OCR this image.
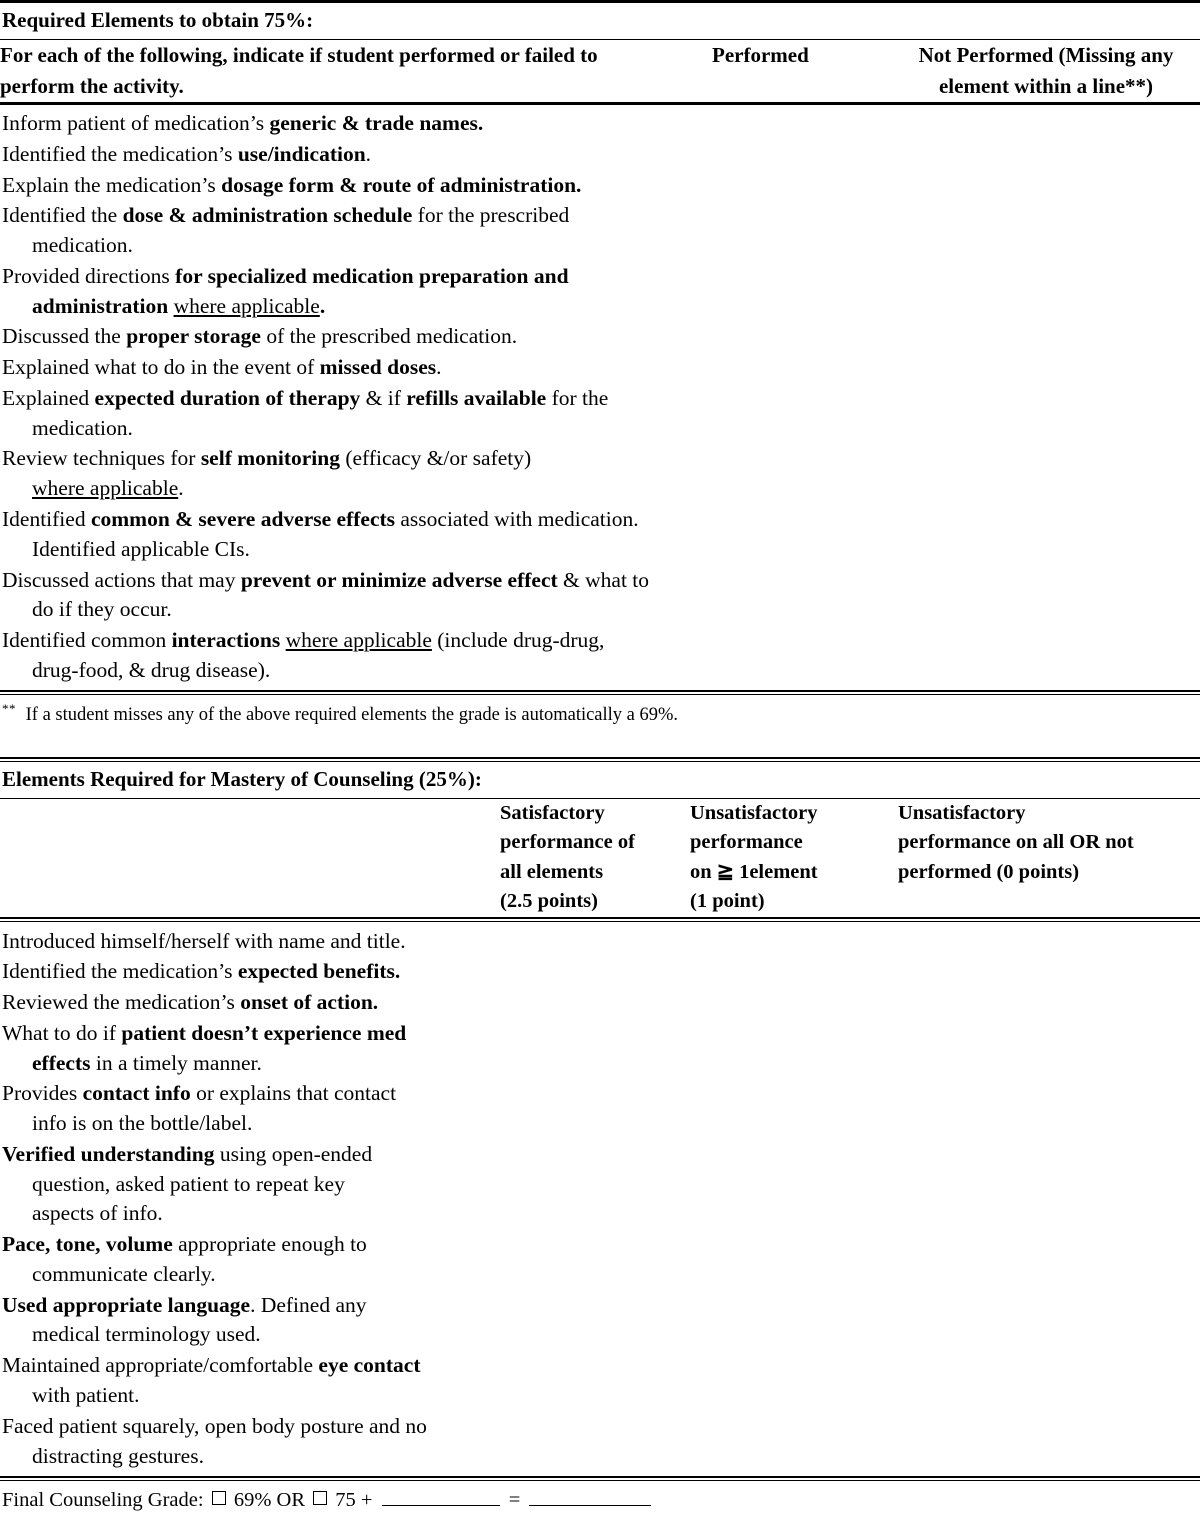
Required Elements to obtain 75%:
For each of the following, indicate if student performed or failed to
perform the activity.
	Performed	Not Performed (Missing any
element within a line**)
Inform patient of medication’s generic & trade names.
Identified the medication’s use/indication.
Explain the medication’s dosage form & route of administration.
Identified the dose & administration schedule for the prescribed
medication.
Provided directions for specialized medication preparation and
administration where applicable.
Discussed the proper storage of the prescribed medication.
Explained what to do in the event of missed doses.
Explained expected duration of therapy & if refills available for the
medication.
Review techniques for self monitoring (efficacy &/or safety)
where applicable.
Identified common & severe adverse effects associated with medication.
Identified applicable CIs.
Discussed actions that may prevent or minimize adverse effect & what to
do if they occur.
Identified common interactions where applicable (include drug-drug,
drug-food, & drug disease).
** If a student misses any of the above required elements the grade is automatically a 69%.
Elements Required for Mastery of Counseling (25%):
	Satisfactory
performance of
all elements
(2.5 points)	Unsatisfactory
performance
on ≧ 1element
(1 point)	Unsatisfactory
performance on all OR not
performed (0 points)
Introduced himself/herself with name and title.
Identified the medication’s expected benefits.
Reviewed the medication’s onset of action.
What to do if patient doesn’t experience med
effects in a timely manner.
Provides contact info or explains that contact
info is on the bottle/label.
Verified understanding using open-ended
question, asked patient to repeat key
aspects of info.
Pace, tone, volume appropriate enough to
communicate clearly.
Used appropriate language. Defined any
medical terminology used.
Maintained appropriate/comfortable eye contact
with patient.
Faced patient squarely, open body posture and no
distracting gestures.
Final Counseling Grade: 69% OR 75 +	=
